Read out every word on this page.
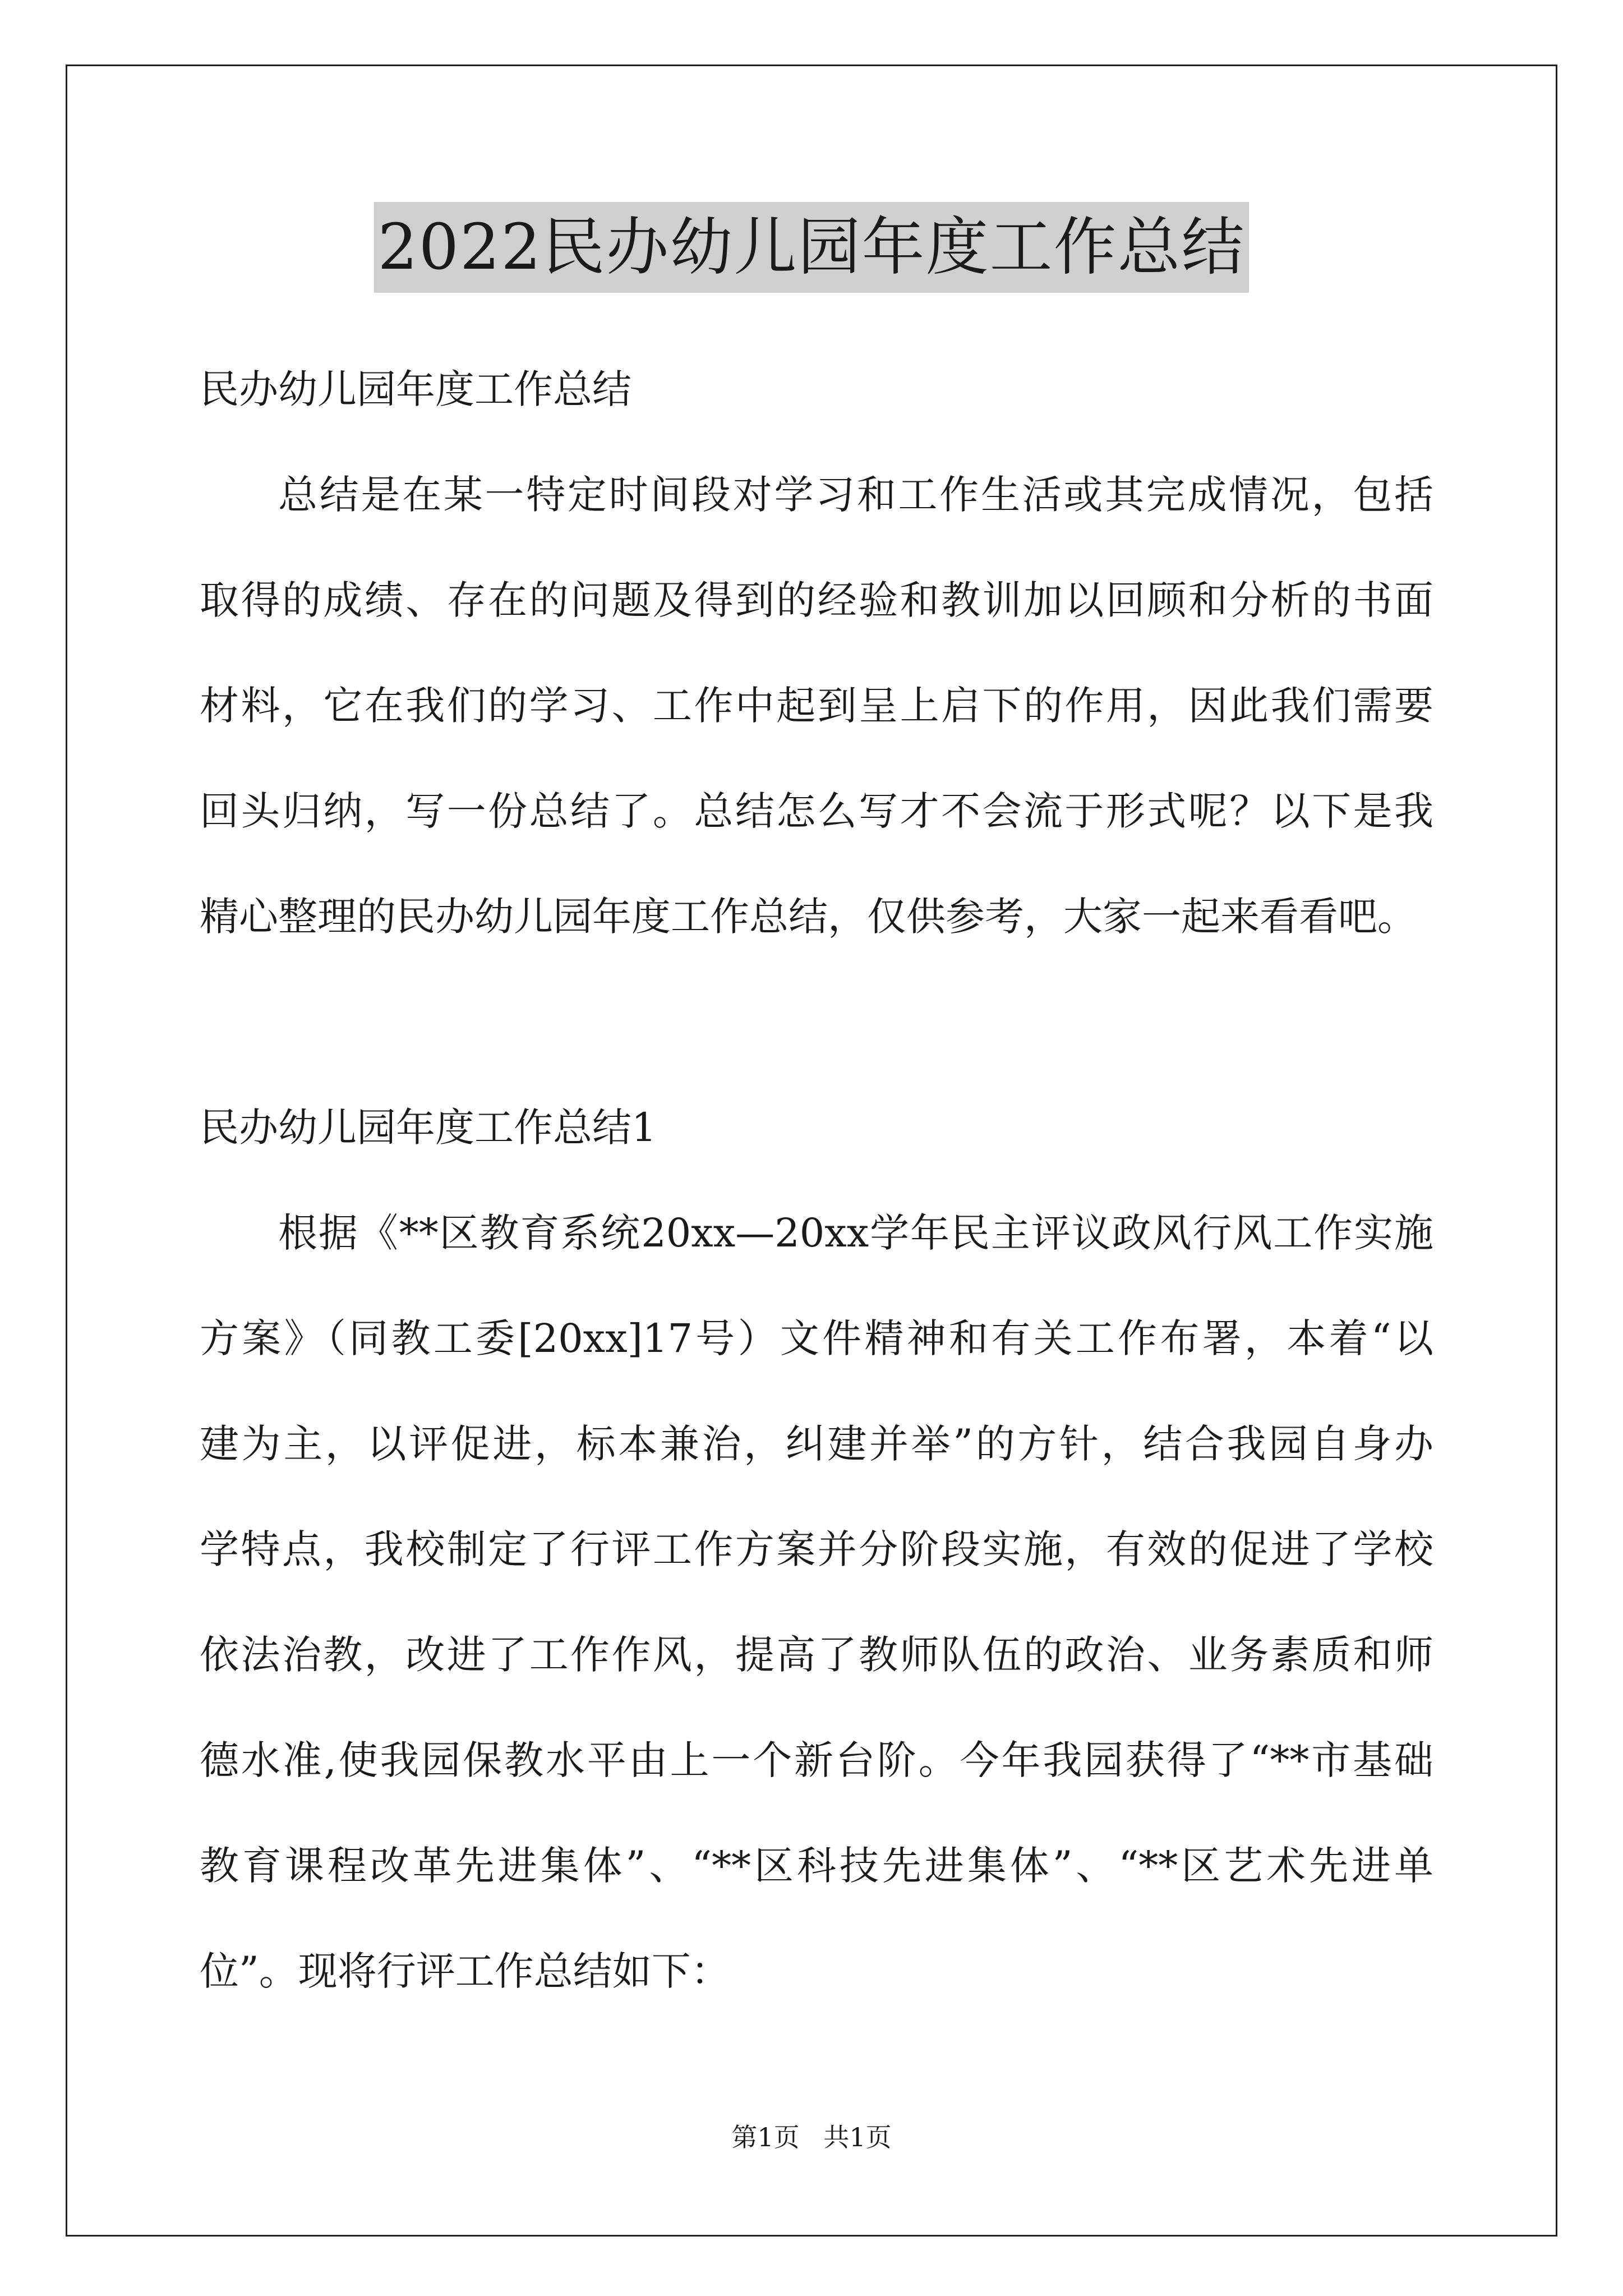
2022民办幼儿园年度工作总结
民办幼儿园年度工作总结
总结是在某一特定时间段对学习和工作生活或其完成情况，包括
取得的成绩、存在的问题及得到的经验和教训加以回顾和分析的书面
材料，它在我们的学习、工作中起到呈上启下的作用，因此我们需要
回头归纳，写一份总结了。总结怎么写才不会流于形式呢？以下是我
精心整理的民办幼儿园年度工作总结，仅供参考，大家一起来看看吧。
民办幼儿园年度工作总结1
根据《**区教育系统20xx—20xx学年民主评议政风行风工作实施
方案》（同教工委[20xx]17号）文件精神和有关工作布署，本着“以
建为主，以评促进，标本兼治，纠建并举”的方针，结合我园自身办
学特点，我校制定了行评工作方案并分阶段实施，有效的促进了学校
依法治教，改进了工作作风，提高了教师队伍的政治、业务素质和师
德水准,使我园保教水平由上一个新台阶。今年我园获得了“**市基础
教育课程改革先进集体”、“**区科技先进集体”、“**区艺术先进单
位”。现将行评工作总结如下：
第1页 共1页
